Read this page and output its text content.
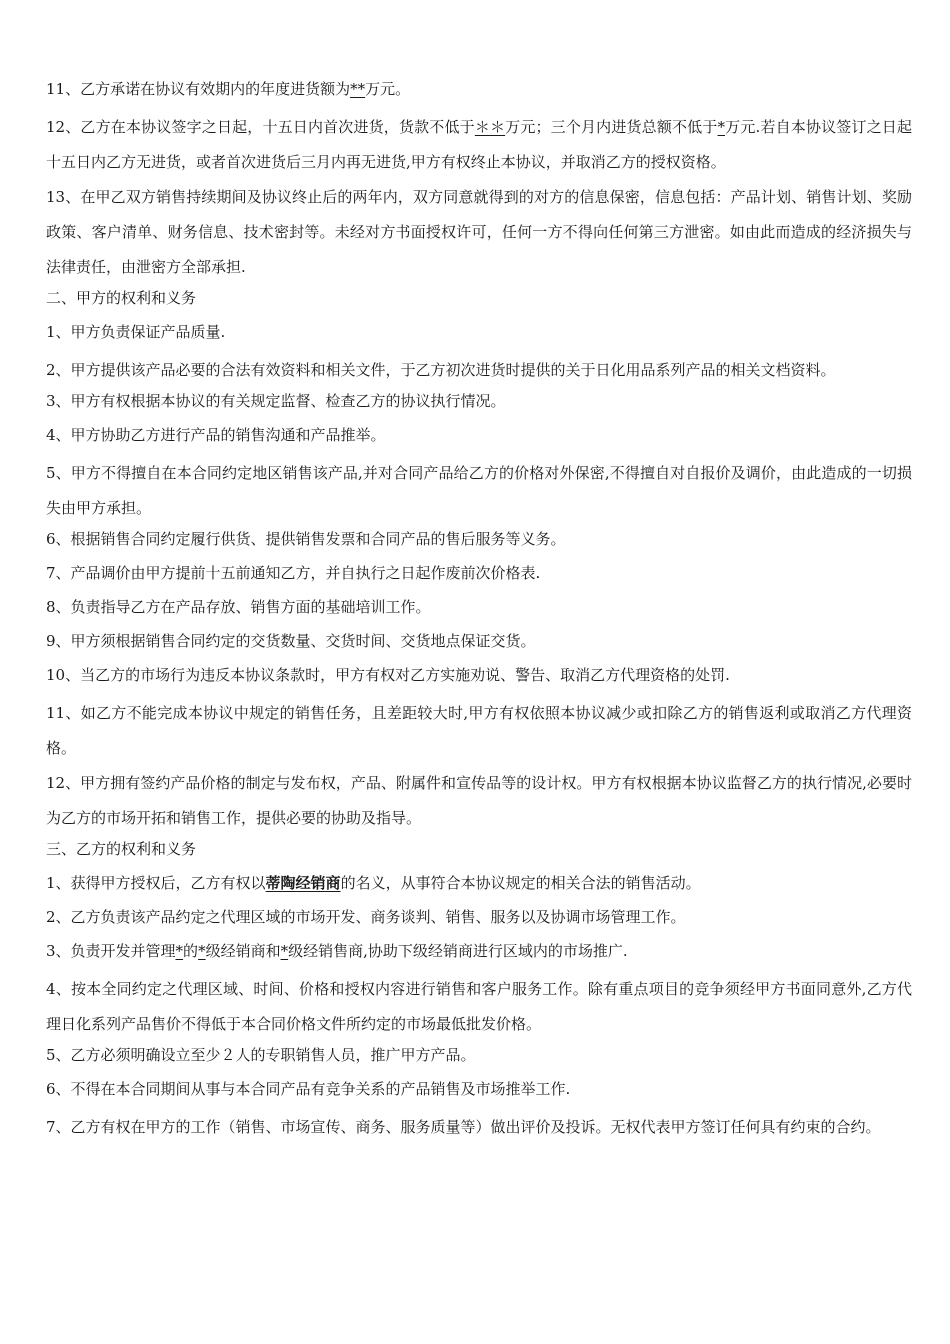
11、乙方承诺在协议有效期内的年度进货额为**万元。

12、乙方在本协议签字之日起，十五日内首次进货，货款不低于＊＊万元；三个月内进货总额不低于*万元.若自本协议签订之日起十五日内乙方无进货，或者首次进货后三月内再无进货,甲方有权终止本协议，并取消乙方的授权资格。

13、在甲乙双方销售持续期间及协议终止后的两年内，双方同意就得到的对方的信息保密，信息包括：产品计划、销售计划、奖励政策、客户清单、财务信息、技术密封等。未经对方书面授权许可，任何一方不得向任何第三方泄密。如由此而造成的经济损失与法律责任，由泄密方全部承担.

二、甲方的权利和义务

1、甲方负责保证产品质量.

2、甲方提供该产品必要的合法有效资料和相关文件，于乙方初次进货时提供的关于日化用品系列产品的相关文档资料。

3、甲方有权根据本协议的有关规定监督、检查乙方的协议执行情况。

4、甲方协助乙方进行产品的销售沟通和产品推举。

5、甲方不得擅自在本合同约定地区销售该产品,并对合同产品给乙方的价格对外保密,不得擅自对自报价及调价，由此造成的一切损失由甲方承担。

6、根据销售合同约定履行供货、提供销售发票和合同产品的售后服务等义务。

7、产品调价由甲方提前十五前通知乙方，并自执行之日起作废前次价格表.

8、负责指导乙方在产品存放、销售方面的基础培训工作。

9、甲方须根据销售合同约定的交货数量、交货时间、交货地点保证交货。

10、当乙方的市场行为违反本协议条款时，甲方有权对乙方实施劝说、警告、取消乙方代理资格的处罚.

11、如乙方不能完成本协议中规定的销售任务，且差距较大时,甲方有权依照本协议减少或扣除乙方的销售返利或取消乙方代理资格。

12、甲方拥有签约产品价格的制定与发布权，产品、附属件和宣传品等的设计权。甲方有权根据本协议监督乙方的执行情况,必要时为乙方的市场开拓和销售工作，提供必要的协助及指导。

三、乙方的权利和义务

1、获得甲方授权后，乙方有权以蒂陶经销商的名义，从事符合本协议规定的相关合法的销售活动。

2、乙方负责该产品约定之代理区域的市场开发、商务谈判、销售、服务以及协调市场管理工作。

3、负责开发并管理*的*级经销商和*级经销售商,协助下级经销商进行区域内的市场推广.

4、按本全同约定之代理区域、时间、价格和授权内容进行销售和客户服务工作。除有重点项目的竞争须经甲方书面同意外,乙方代理日化系列产品售价不得低于本合同价格文件所约定的市场最低批发价格。

5、乙方必须明确设立至少２人的专职销售人员，推广甲方产品。

6、不得在本合同期间从事与本合同产品有竞争关系的产品销售及市场推举工作.

7、乙方有权在甲方的工作（销售、市场宣传、商务、服务质量等）做出评价及投诉。无权代表甲方签订任何具有约束的合约。
